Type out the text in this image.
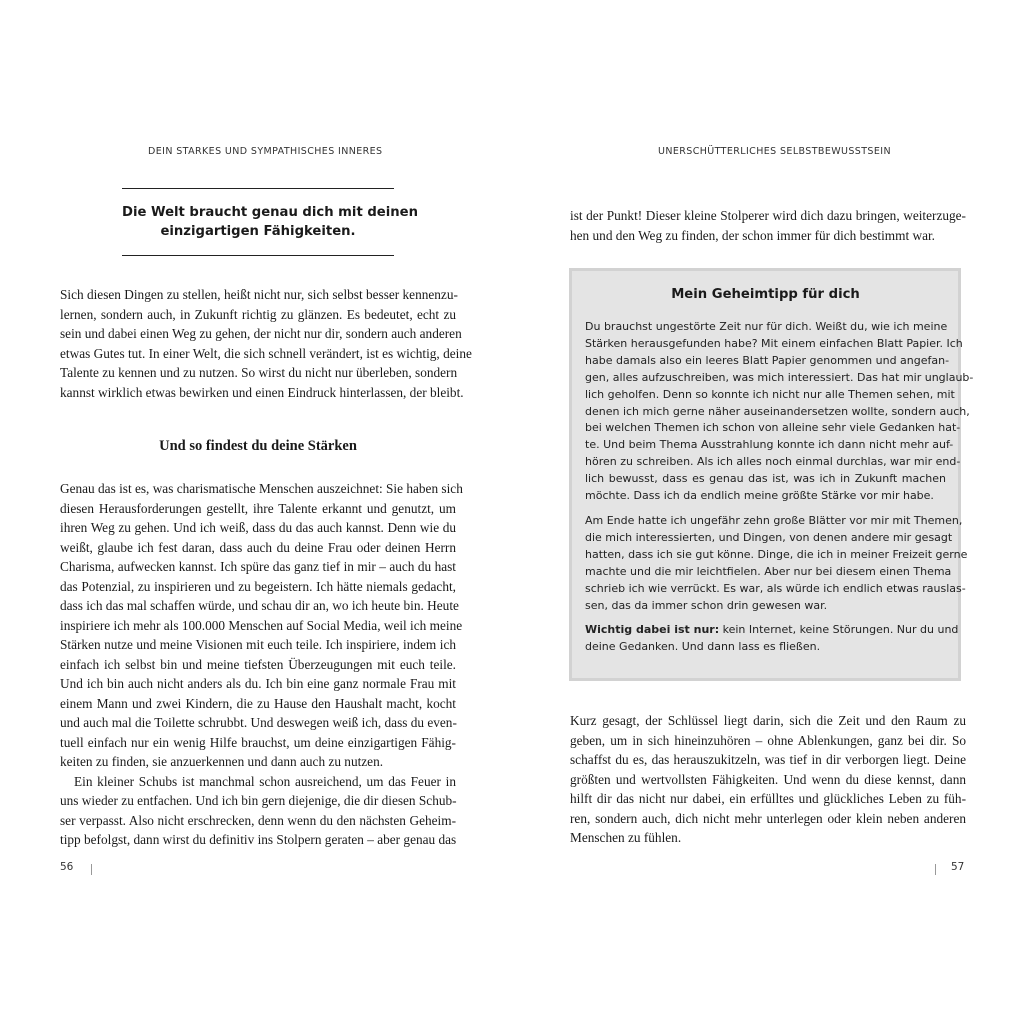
DEIN STARKES UND SYMPATHISCHES INNERES

Die Welt braucht genau dich mit deinen
einzigartigen Fähigkeiten.
Sich diesen Dingen zu stellen, heißt nicht nur, sich selbst besser kennenzu-
lernen, sondern auch, in Zukunft richtig zu glänzen. Es bedeutet, echt zu
sein und dabei einen Weg zu gehen, der nicht nur dir, sondern auch anderen
etwas Gutes tut. In einer Welt, die sich schnell verändert, ist es wichtig, deine
Talente zu kennen und zu nutzen. So wirst du nicht nur überleben, sondern
kannst wirklich etwas bewirken und einen Eindruck hinterlassen, der bleibt.
Und so findest du deine Stärken
Genau das ist es, was charismatische Menschen auszeichnet: Sie haben sich
diesen Herausforderungen gestellt, ihre Talente erkannt und genutzt, um
ihren Weg zu gehen. Und ich weiß, dass du das auch kannst. Denn wie du
weißt, glaube ich fest daran, dass auch du deine Frau oder deinen Herrn
Charisma, aufwecken kannst. Ich spüre das ganz tief in mir – auch du hast
das Potenzial, zu inspirieren und zu begeistern. Ich hätte niemals gedacht,
dass ich das mal schaffen würde, und schau dir an, wo ich heute bin. Heute
inspiriere ich mehr als 100.000 Menschen auf Social Media, weil ich meine
Stärken nutze und meine Visionen mit euch teile. Ich inspiriere, indem ich
einfach ich selbst bin und meine tiefsten Überzeugungen mit euch teile.
Und ich bin auch nicht anders als du. Ich bin eine ganz normale Frau mit
einem Mann und zwei Kindern, die zu Hause den Haushalt macht, kocht
und auch mal die Toilette schrubbt. Und deswegen weiß ich, dass du even-
tuell einfach nur ein wenig Hilfe brauchst, um deine einzigartigen Fähig-
keiten zu finden, sie anzuerkennen und dann auch zu nutzen.
Ein kleiner Schubs ist manchmal schon ausreichend, um das Feuer in
uns wieder zu entfachen. Und ich bin gern diejenige, die dir diesen Schub-
ser verpasst. Also nicht erschrecken, denn wenn du den nächsten Geheim-
tipp befolgst, dann wirst du definitiv ins Stolpern geraten – aber genau das
56

UNERSCHÜTTERLICHES SELBSTBEWUSSTSEIN

ist der Punkt! Dieser kleine Stolperer wird dich dazu bringen, weiterzuge-
hen und den Weg zu finden, der schon immer für dich bestimmt war.

Mein Geheimtipp für dich

Du brauchst ungestörte Zeit nur für dich. Weißt du, wie ich meine
Stärken herausgefunden habe? Mit einem einfachen Blatt Papier. Ich
habe damals also ein leeres Blatt Papier genommen und angefan-
gen, alles aufzuschreiben, was mich interessiert. Das hat mir unglaub-
lich geholfen. Denn so konnte ich nicht nur alle Themen sehen, mit
denen ich mich gerne näher auseinandersetzen wollte, sondern auch,
bei welchen Themen ich schon von alleine sehr viele Gedanken hat-
te. Und beim Thema Ausstrahlung konnte ich dann nicht mehr auf-
hören zu schreiben. Als ich alles noch einmal durchlas, war mir end-
lich bewusst, dass es genau das ist, was ich in Zukunft machen
möchte. Dass ich da endlich meine größte Stärke vor mir habe.
Am Ende hatte ich ungefähr zehn große Blätter vor mir mit Themen,
die mich interessierten, und Dingen, von denen andere mir gesagt
hatten, dass ich sie gut könne. Dinge, die ich in meiner Freizeit gerne
machte und die mir leichtfielen. Aber nur bei diesem einen Thema
schrieb ich wie verrückt. Es war, als würde ich endlich etwas rauslas-
sen, das da immer schon drin gewesen war.
Wichtig dabei ist nur: kein Internet, keine Störungen. Nur du und
deine Gedanken. Und dann lass es fließen.
Kurz gesagt, der Schlüssel liegt darin, sich die Zeit und den Raum zu
geben, um in sich hineinzuhören – ohne Ablenkungen, ganz bei dir. So
schaffst du es, das herauszukitzeln, was tief in dir verborgen liegt. Deine
größten und wertvollsten Fähigkeiten. Und wenn du diese kennst, dann
hilft dir das nicht nur dabei, ein erfülltes und glückliches Leben zu füh-
ren, sondern auch, dich nicht mehr unterlegen oder klein neben anderen
Menschen zu fühlen.
57
